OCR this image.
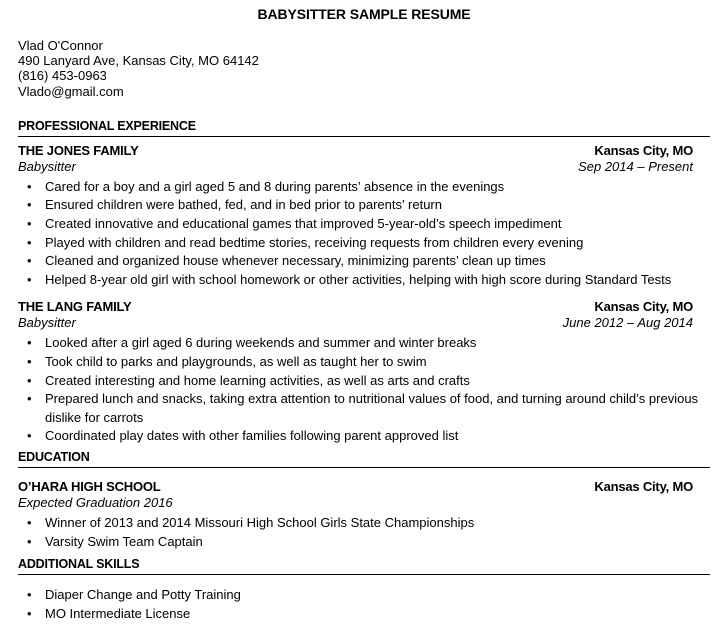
BABYSITTER SAMPLE RESUME
Vlad O'Connor
490 Lanyard Ave, Kansas City, MO 64142
(816) 453-0963
Vlado@gmail.com
PROFESSIONAL EXPERIENCE
THE JONES FAMILY	Kansas City, MO
Babysitter	Sep 2014 – Present
• Cared for a boy and a girl aged 5 and 8 during parents’ absence in the evenings
• Ensured children were bathed, fed, and in bed prior to parents’ return
• Created innovative and educational games that improved 5-year-old’s speech impediment
• Played with children and read bedtime stories, receiving requests from children every evening
• Cleaned and organized house whenever necessary, minimizing parents’ clean up times
• Helped 8-year old girl with school homework or other activities, helping with high score during Standard Tests
THE LANG FAMILY	Kansas City, MO
Babysitter	June 2012 – Aug 2014
• Looked after a girl aged 6 during weekends and summer and winter breaks
• Took child to parks and playgrounds, as well as taught her to swim
• Created interesting and home learning activities, as well as arts and crafts
• Prepared lunch and snacks, taking extra attention to nutritional values of food, and turning around child’s previous dislike for carrots
• Coordinated play dates with other families following parent approved list
EDUCATION
O’HARA HIGH SCHOOL	Kansas City, MO
Expected Graduation 2016
• Winner of 2013 and 2014 Missouri High School Girls State Championships
• Varsity Swim Team Captain
ADDITIONAL SKILLS
• Diaper Change and Potty Training
• MO Intermediate License
